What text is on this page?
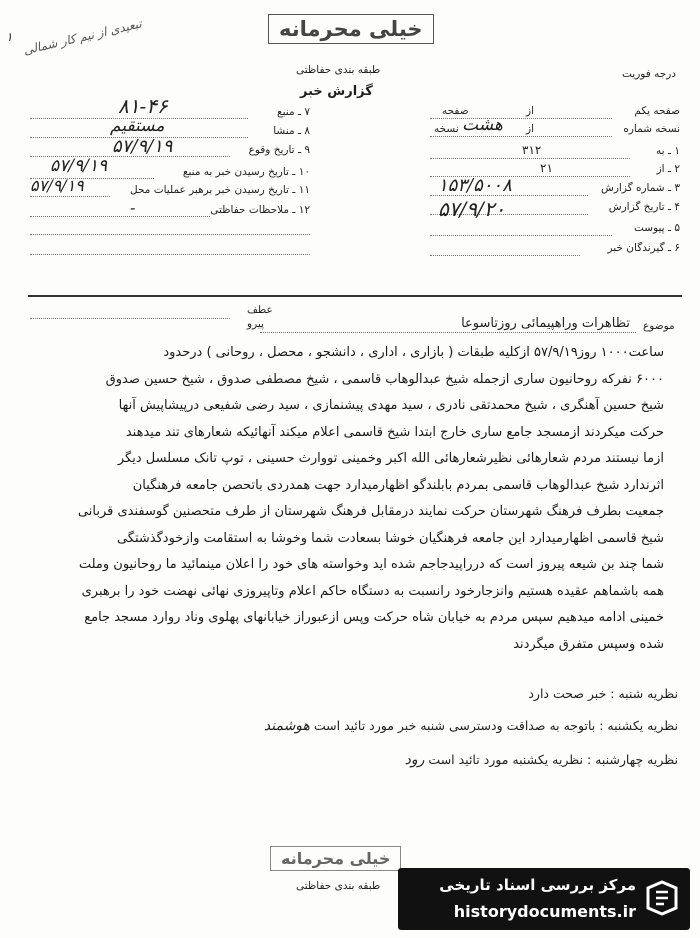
خیلی محرمانه
طبقه بندی حفاظتی
گزارش خبر
درجه فوریت
تبعیدی از نیم کار شمالی
۱
صفحه یکم
از
صفحه
نسخه شماره
از
هشت
نسخه
۱ ـ به
۳۱۲
۲ ـ از
۲۱
۳ ـ شماره گزارش
۱۵۳/۵۰۰۸
۴ ـ تاریخ گزارش
۵۷/۹/۲۰
۵ ـ پیوست
۶ ـ گیرندگان خبر
۷ ـ منبع
۸۱-۴۶
۸ ـ منشا
مستقیم
۹ ـ تاریخ وقوع
۵۷/۹/۱۹
۱۰ ـ تاریخ رسیدن خبر به منبع
۵۷/۹/۱۹
۱۱ ـ تاریخ رسیدن خبر برهبر عملیات محل
۵۷/۹/۱۹
۱۲ ـ ملاحظات حفاظتی
-
عطف
پیرو	موضوع
تظاهرات وراهپیمائی روزتاسوعا
ساعت۱۰۰۰ روز۵۷/۹/۱۹ ازکلیه طبقات ( بازاری ، اداری ، دانشجو ، محصل ، روحانی ) درحدود
۶۰۰۰ نفرکه روحانیون ساری ازجمله شیخ عبدالوهاب قاسمی ، شیخ مصطفی صدوق ، شیخ حسین صدوق
شیخ حسین آهنگری ، شیخ محمدتقی نادری ، سید مهدی پیشنمازی ، سید رضی شفیعی درپیشاپیش آنها
حرکت میکردند ازمسجد جامع ساری خارج ابتدا شیخ قاسمی اعلام میکند آنهائیکه شعارهای تند میدهند
ازما نیستند مردم شعارهائی نظیرشعارهائی الله اکبر وخمینی تووارث حسینی ، توپ تانک مسلسل دیگر
اثرندارد شیخ عبدالوهاب قاسمی بمردم بابلندگو اظهارمیدارد جهت همدردی باتحصن جامعه فرهنگیان
جمعیت بطرف فرهنگ شهرستان حرکت نمایند درمقابل فرهنگ شهرستان از طرف متحصنین گوسفندی قربانی
شیخ قاسمی اظهارمیدارد این جامعه فرهنگیان خوشا بسعادت شما وخوشا به استقامت وازخودگذشتگی
شما چند بن شیعه پیروز است که درراپیدجاجم شده اید وخواسته های خود را اعلان مینمائید ما روحانیون وملت
همه باشماهم عقیده هستیم وانزجارخود رانسبت به دستگاه حاکم اعلام وتاپیروزی نهائی نهضت خود را برهبری
خمینی ادامه میدهیم سپس مردم به خیابان شاه حرکت وپس ازعبوراز خیابانهای پهلوی وناد روارد مسجد جامع
شده وسپس متفرق میگردند
نظریه شنبه : خبر صحت دارد
نظریه یکشنبه : باتوجه به صداقت ودسترسی شنبه خبر مورد تائید است هوشمند
نظریه چهارشنبه : نظریه یکشنبه مورد تائید است رود
خیلی محرمانه
طبقه بندی حفاظتی	مرکز بررسی اسناد تاریخی
historydocuments.ir
